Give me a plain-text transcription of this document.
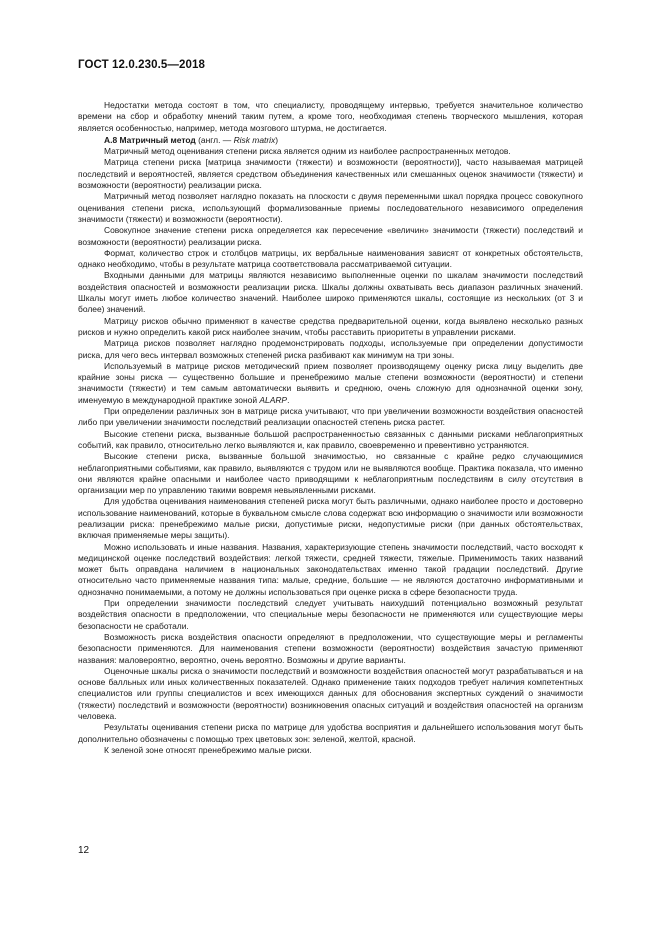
ГОСТ 12.0.230.5—2018

Недостатки метода состоят в том, что специалисту, проводящему интервью, требуется значительное количество времени на сбор и обработку мнений таким путем, а кроме того, необходимая степень творческого мышления, которая является особенностью, например, метода мозгового штурма, не достигается.

А.8 Матричный метод (англ. — Risk matrix)

Матричный метод оценивания степени риска является одним из наиболее распространенных методов.

Матрица степени риска [матрица значимости (тяжести) и возможности (вероятности)], часто называемая матрицей последствий и вероятностей, является средством объединения качественных или смешанных оценок значимости (тяжести) и возможности (вероятности) реализации риска.

Матричный метод позволяет наглядно показать на плоскости с двумя переменными шкал порядка процесс совокупного оценивания степени риска, использующий формализованные приемы последовательного независимого определения значимости (тяжести) и возможности (вероятности).

Совокупное значение степени риска определяется как пересечение «величин» значимости (тяжести) последствий и возможности (вероятности) реализации риска.

Формат, количество строк и столбцов матрицы, их вербальные наименования зависят от конкретных обстоятельств, однако необходимо, чтобы в результате матрица соответствовала рассматриваемой ситуации.

Входными данными для матрицы являются независимо выполненные оценки по шкалам значимости последствий воздействия опасностей и возможности реализации риска. Шкалы должны охватывать весь диапазон различных значений. Шкалы могут иметь любое количество значений. Наиболее широко применяются шкалы, состоящие из нескольких (от 3 и более) значений.

Матрицу рисков обычно применяют в качестве средства предварительной оценки, когда выявлено несколько разных рисков и нужно определить какой риск наиболее значим, чтобы расставить приоритеты в управлении рисками.

Матрица рисков позволяет наглядно продемонстрировать подходы, используемые при определении допустимости риска, для чего весь интервал возможных степеней риска разбивают как минимум на три зоны.

Используемый в матрице рисков методический прием позволяет производящему оценку риска лицу выделить две крайние зоны риска — существенно большие и пренебрежимо малые степени возможности (вероятности) и степени значимости (тяжести) и тем самым автоматически выявить и среднюю, очень сложную для однозначной оценки зону, именуемую в международной практике зоной ALARP.

При определении различных зон в матрице риска учитывают, что при увеличении возможности воздействия опасностей либо при увеличении значимости последствий реализации опасностей степень риска растет.

Высокие степени риска, вызванные большой распространенностью связанных с данными рисками неблагоприятных событий, как правило, относительно легко выявляются и, как правило, своевременно и превентивно устраняются.

Высокие степени риска, вызванные большой значимостью, но связанные с крайне редко случающимися неблагоприятными событиями, как правило, выявляются с трудом или не выявляются вообще. Практика показала, что именно они являются крайне опасными и наиболее часто приводящими к неблагоприятным последствиям в силу отсутствия в организации мер по управлению такими вовремя невыявленными рисками.

Для удобства оценивания наименования степеней риска могут быть различными, однако наиболее просто и достоверно использование наименований, которые в буквальном смысле слова содержат всю информацию о значимости или возможности реализации риска: пренебрежимо малые риски, допустимые риски, недопустимые риски (при данных обстоятельствах, включая применяемые меры защиты).

Можно использовать и иные названия. Названия, характеризующие степень значимости последствий, часто восходят к медицинской оценке последствий воздействия: легкой тяжести, средней тяжести, тяжелые. Применимость таких названий может быть оправдана наличием в национальных законодательствах именно такой градации последствий. Другие относительно часто применяемые названия типа: малые, средние, большие — не являются достаточно информативными и однозначно понимаемыми, а потому не должны использоваться при оценке риска в сфере безопасности труда.

При определении значимости последствий следует учитывать наихудший потенциально возможный результат воздействия опасности в предположении, что специальные меры безопасности не применяются или существующие меры безопасности не сработали.

Возможность риска воздействия опасности определяют в предположении, что существующие меры и регламенты безопасности применяются. Для наименования степени возможности (вероятности) воздействия зачастую применяют названия: маловероятно, вероятно, очень вероятно. Возможны и другие варианты.

Оценочные шкалы риска о значимости последствий и возможности воздействия опасностей могут разрабатываться и на основе балльных или иных количественных показателей. Однако применение таких подходов требует наличия компетентных специалистов или группы специалистов и всех имеющихся данных для обоснования экспертных суждений о значимости (тяжести) последствий и возможности (вероятности) возникновения опасных ситуаций и воздействия опасностей на организм человека.

Результаты оценивания степени риска по матрице для удобства восприятия и дальнейшего использования могут быть дополнительно обозначены с помощью трех цветовых зон: зеленой, желтой, красной.

К зеленой зоне относят пренебрежимо малые риски.

12
